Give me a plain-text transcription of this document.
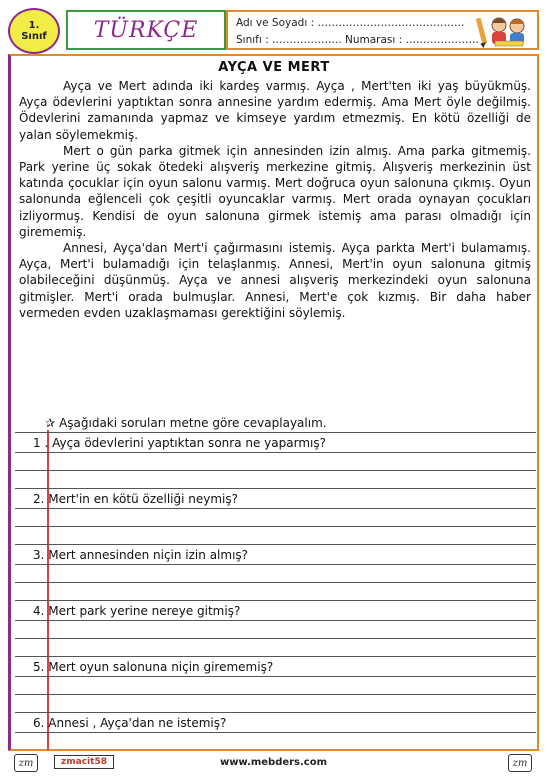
1.
Sınıf TÜRKÇE	Adı ve Soyadı : ……………………………………
Sınıfı : ……………….. Numarası : …………………
AYÇA VE MERT

Ayça ve Mert adında iki kardeş varmış. Ayça , Mert'ten iki yaş büyükmüş. Ayça ödevlerini yaptıktan sonra annesine yardım edermiş. Ama Mert öyle değilmiş. Ödevlerini zamanında yapmaz ve kimseye yardım etmezmiş. En kötü özelliği de yalan söylemekmiş.

Mert o gün parka gitmek için annesinden izin almış. Ama parka gitmemiş. Park yerine üç sokak ötedeki alışveriş merkezine gitmiş. Alışveriş merkezinin üst katında çocuklar için oyun salonu varmış. Mert doğruca oyun salonuna çıkmış. Oyun salonunda eğlenceli çok çeşitli oyuncaklar varmış. Mert orada oynayan çocukları izliyormuş. Kendisi de oyun salonuna girmek istemiş ama parası olmadığı için girememiş.

Annesi, Ayça'dan Mert'i çağırmasını istemiş. Ayça parkta Mert'i bulamamış. Ayça, Mert'i bulamadığı için telaşlanmış. Annesi, Mert'in oyun salonuna gitmiş olabileceğini düşünmüş. Ayça ve annesi alışveriş merkezindeki oyun salonuna gitmişler. Mert'i orada bulmuşlar. Annesi, Mert'e çok kızmış. Bir daha haber vermeden evden uzaklaşmaması gerektiğini söylemiş.

✰ Aşağıdaki soruları metne göre cevaplayalım.
1 . Ayça ödevlerini yaptıktan sonra ne yaparmış?
2. Mert'in en kötü özelliği neymiş?
3. Mert annesinden niçin izin almış?
4. Mert park yerine nereye gitmiş?
5. Mert oyun salonuna niçin girememiş?
6. Annesi , Ayça'dan ne istemiş?
zm	zmacit58	www.mebders.com	zm
